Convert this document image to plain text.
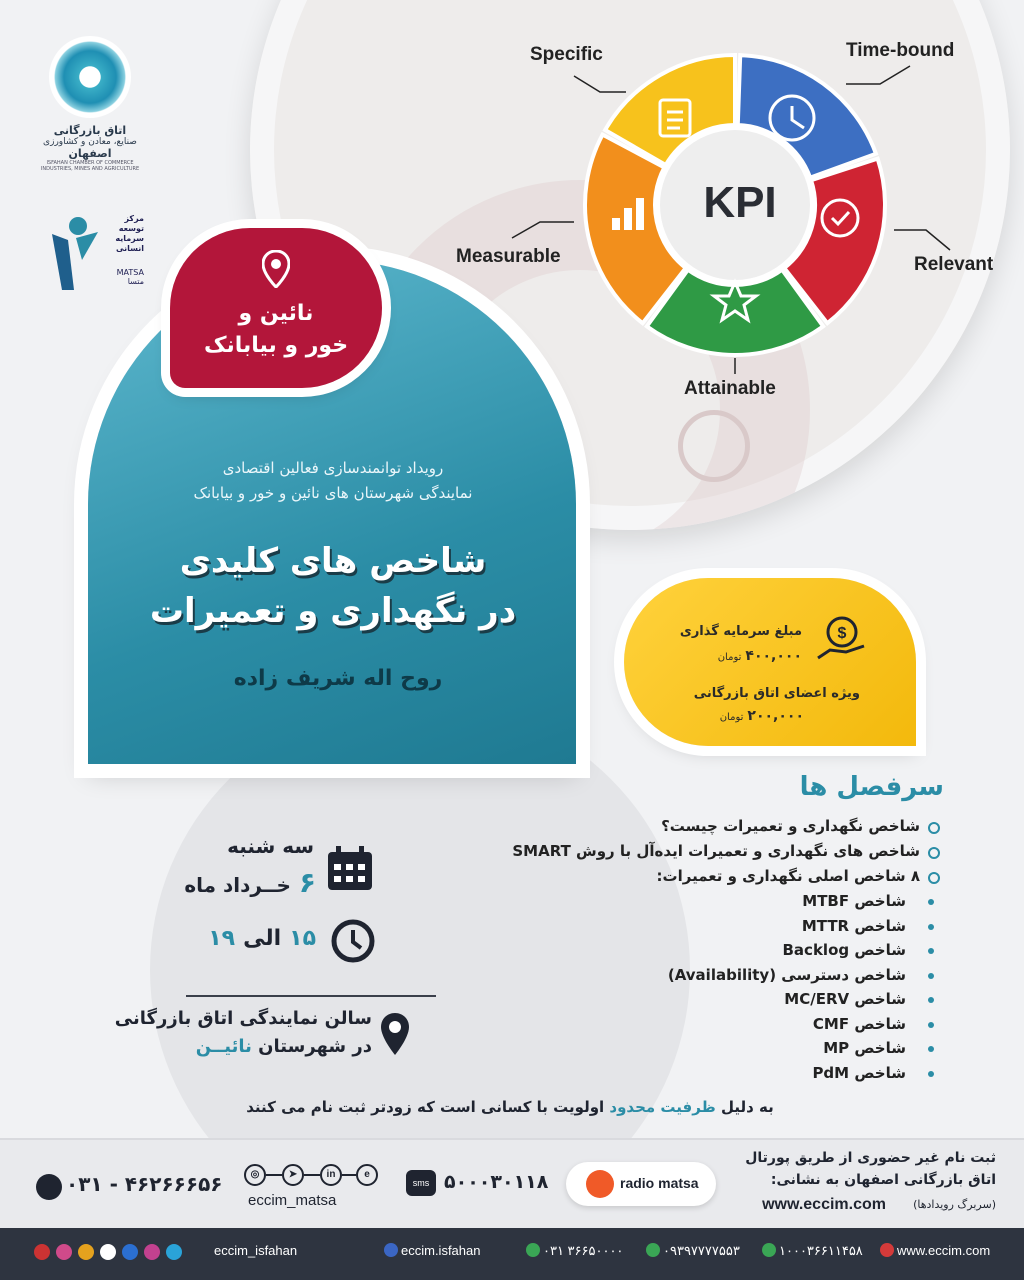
اتاق بازرگانی
صنایع، معادن و کشاورزی
اصفهان
ISFAHAN CHAMBER OF COMMERCE INDUSTRIES, MINES AND AGRICULTURE
مرکز توسعه سرمایه انسانی
MATSA
متسا
KPI
Specific	Time-bound
Measurable	Relevant
Attainable
نائین و
خور و بیابانک
رویداد توانمندسازی فعالین اقتصادی
نمایندگی شهرستان های نائین و خور و بیابانک
شاخص های کلیدی
در نگهداری و تعمیرات
روح اله شریف زاده
$
مبلغ سرمایه گذاری
۴۰۰,۰۰۰تومان
ویژه اعضای اتاق بازرگانی
۲۰۰,۰۰۰تومان
سرفصل ها
شاخص نگهداری و تعمیرات چیست؟
شاخص های نگهداری و تعمیرات ایده‌آل با روش SMART
۸ شاخص اصلی نگهداری و تعمیرات:
شاخص MTBF
شاخص MTTR
شاخص Backlog
شاخص دسترسی (Availability)
شاخص MC/ERV
شاخص CMF
شاخص MP
شاخص PdM
سه شنبه
۶خــرداد ماه
۱۵الی۱۹
سالن نمایندگی اتاق بازرگانی
در شهرستان نائیــن
به دلیل ظرفیت محدود اولویت با کسانی است که زودتر ثبت نام می کنند
ثبت نام غیر حضوری از طریق پورتال
اتاق بازرگانی اصفهان به نشانی:
www.eccim.com (سربرگ رویدادها)
radio matsa
sms ۵۰۰۰۳۰۱۱۸
◎	➤	in	e
eccim_matsa
۰۳۱ - ۴۶۲۶۶۶۵۶
eccim_isfahan	eccim.isfahan	۰۳۱ ۳۶۶۵۰۰۰۰	۰۹۳۹۷۷۷۷۵۵۳	۱۰۰۰۳۶۶۱۱۴۵۸	www.eccim.com
